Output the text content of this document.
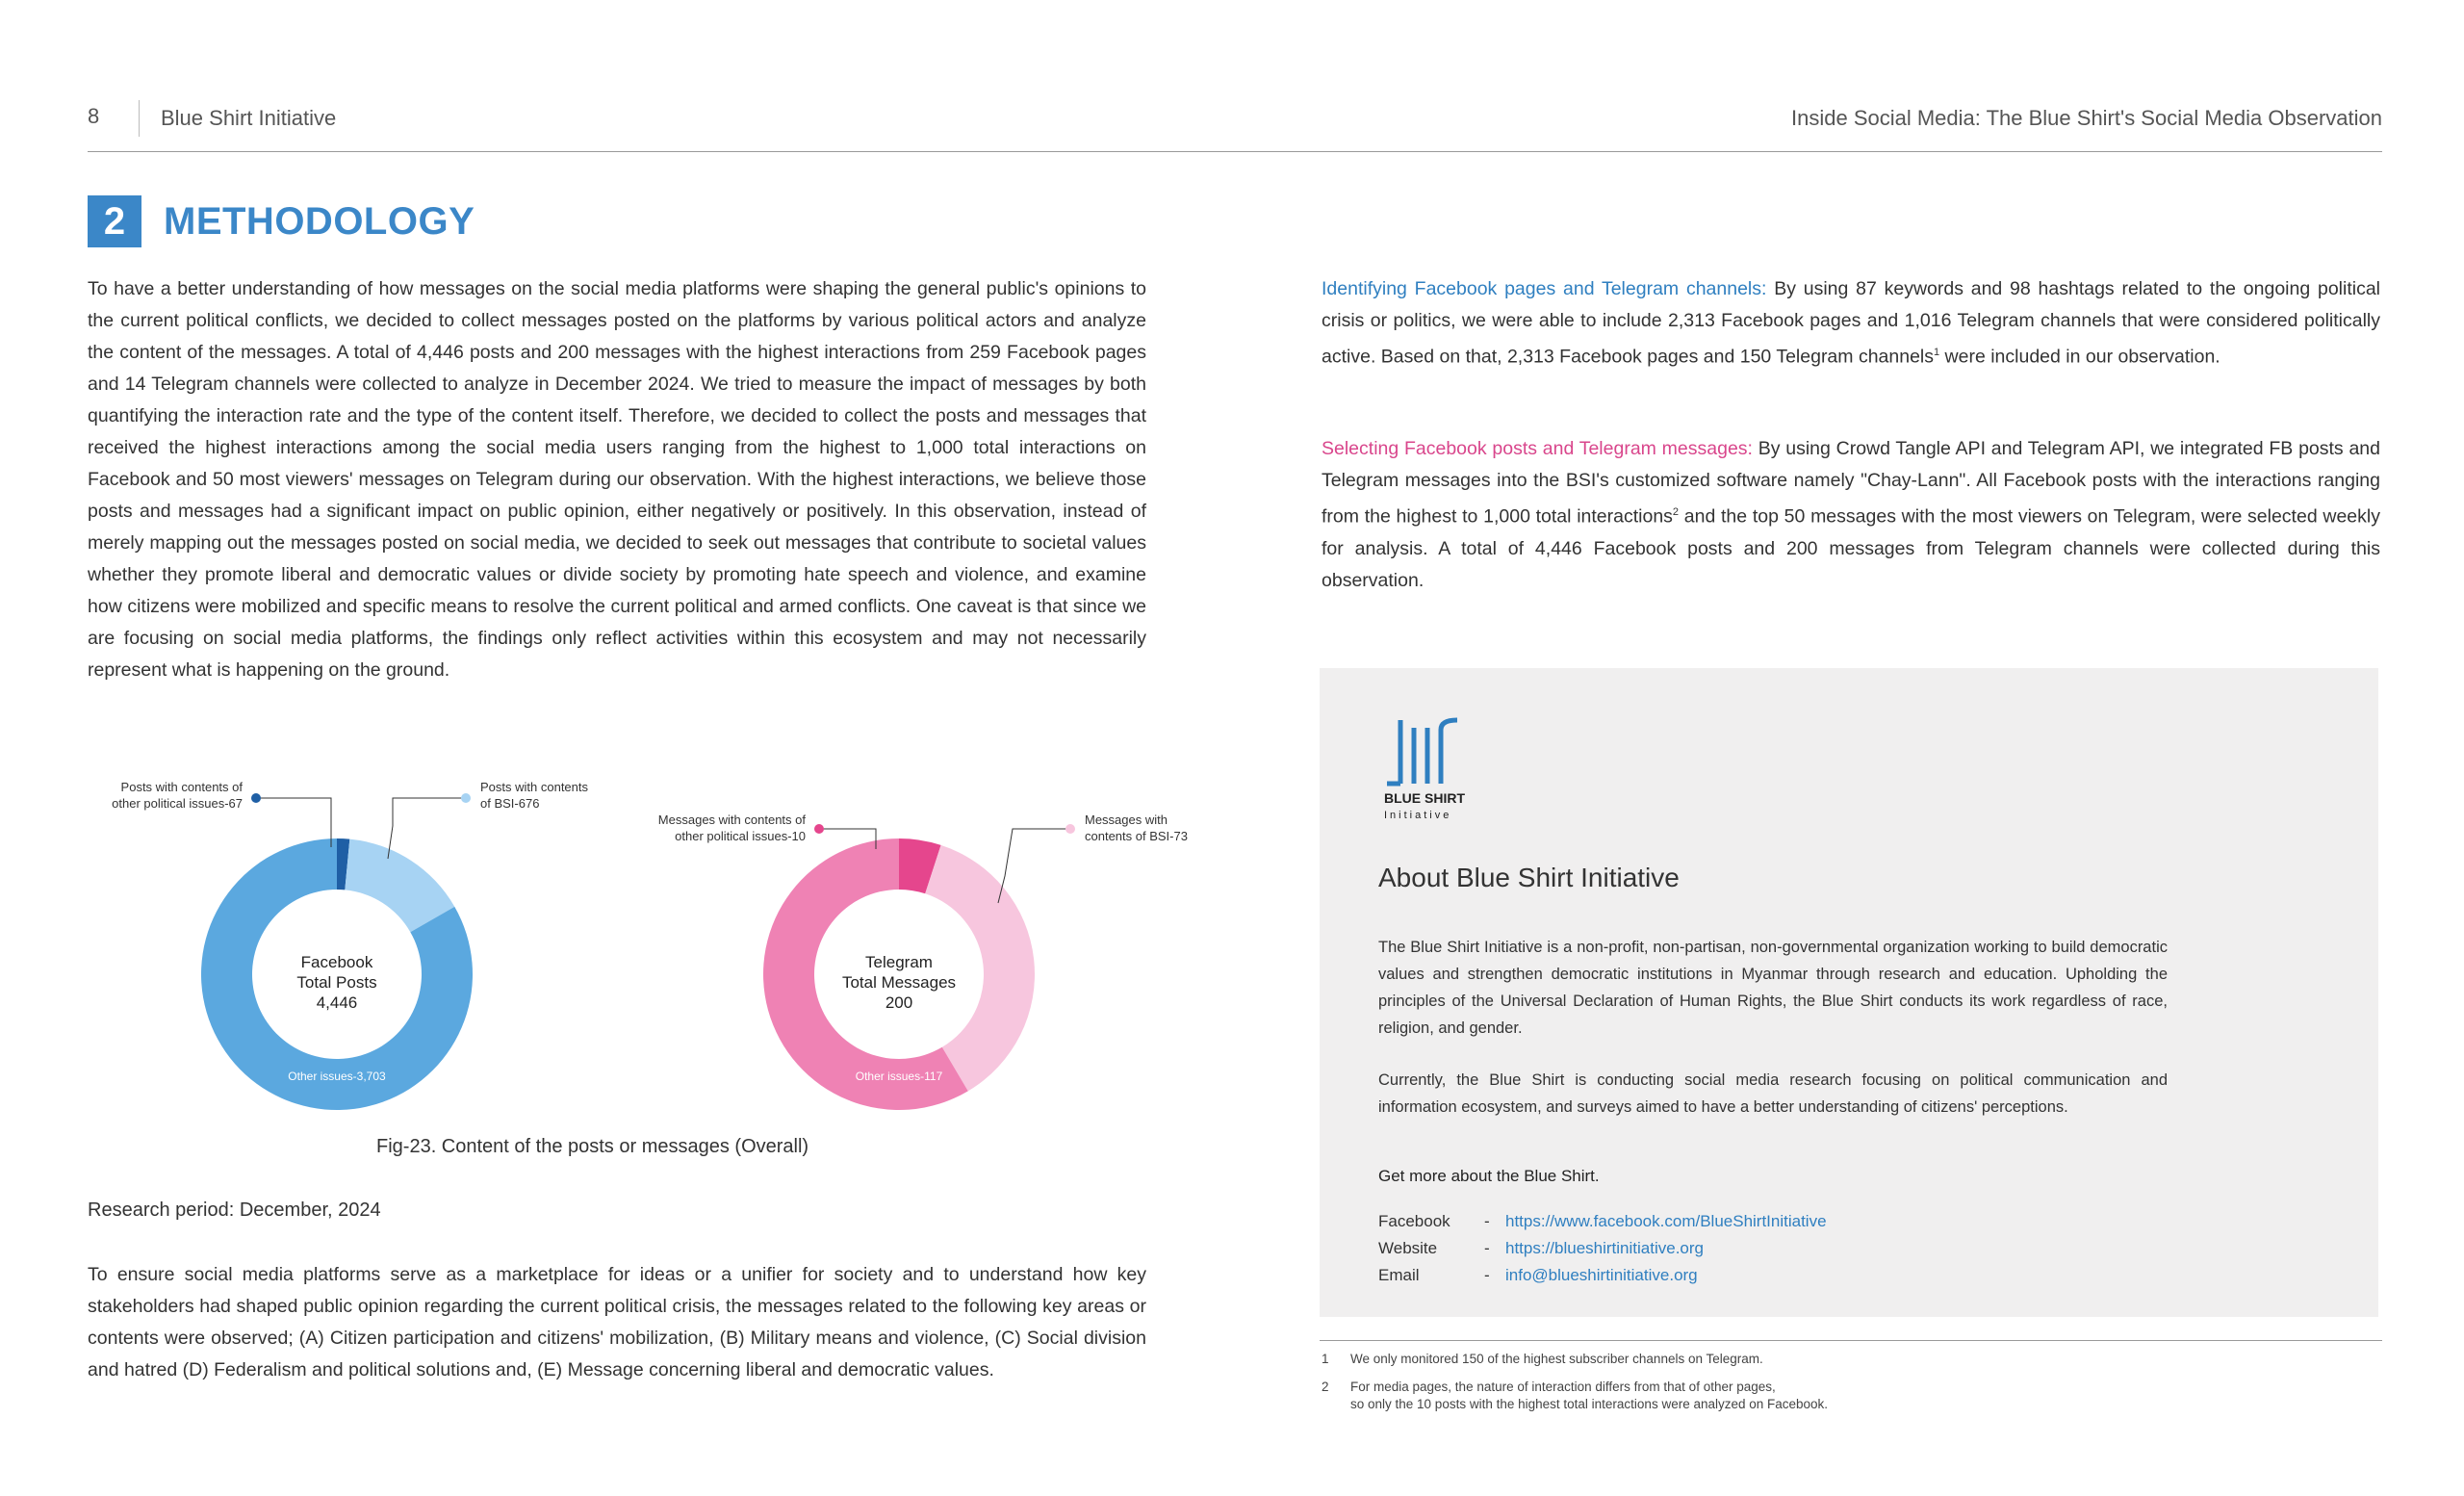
8	Blue Shirt Initiative	Inside Social Media: The Blue Shirt's Social Media Observation
2 METHODOLOGY
To have a better understanding of how messages on the social media platforms were shaping the general public's opinions to the current political conflicts, we decided to collect messages posted on the platforms by various political actors and analyze the content of the messages. A total of 4,446 posts and 200 messages with the highest interactions from 259 Facebook pages and 14 Telegram channels were collected to analyze in December 2024. We tried to measure the impact of messages by both quantifying the interaction rate and the type of the content itself. Therefore, we decided to collect the posts and messages that received the highest interactions among the social media users ranging from the highest to 1,000 total interactions on Facebook and 50 most viewers' messages on Telegram during our observation. With the highest interactions, we believe those posts and messages had a significant impact on public opinion, either negatively or positively. In this observation, instead of merely mapping out the messages posted on social media, we decided to seek out messages that contribute to societal values whether they promote liberal and democratic values or divide society by promoting hate speech and violence, and examine how citizens were mobilized and specific means to resolve the current political and armed conflicts. One caveat is that since we are focusing on social media platforms, the findings only reflect activities within this ecosystem and may not necessarily represent what is happening on the ground.
Identifying Facebook pages and Telegram channels: By using 87 keywords and 98 hashtags related to the ongoing political crisis or politics, we were able to include 2,313 Facebook pages and 1,016 Telegram channels that were considered politically active. Based on that, 2,313 Facebook pages and 150 Telegram channels$^1$ were included in our observation.
Selecting Facebook posts and Telegram messages: By using Crowd Tangle API and Telegram API, we integrated FB posts and Telegram messages into the BSI's customized software namely "Chay-Lann". All Facebook posts with the interactions ranging from the highest to 1,000 total interactions$^2$ and the top 50 messages with the most viewers on Telegram, were selected weekly for analysis. A total of 4,446 Facebook posts and 200 messages from Telegram channels were collected during this observation.
Posts with contents of
other political issues-67
Posts with contents
of BSI-676
Other issues-3,703
Facebook
Total Posts
4,446
Messages with contents of
other political issues-10
Messages with
contents of BSI-73
Other issues-117
Telegram
Total Messages
200
Fig-23. Content of the posts or messages (Overall)
Research period: December, 2024
To ensure social media platforms serve as a marketplace for ideas or a unifier for society and to understand how key stakeholders had shaped public opinion regarding the current political crisis, the messages related to the following key areas or contents were observed; (A) Citizen participation and citizens' mobilization, (B) Military means and violence, (C) Social division and hatred (D) Federalism and political solutions and, (E) Message concerning liberal and democratic values.
BLUE SHIRT
Initiative
About Blue Shirt Initiative
The Blue Shirt Initiative is a non-profit, non-partisan, non-governmental organization working to build democratic values and strengthen democratic institutions in Myanmar through research and education. Upholding the principles of the Universal Declaration of Human Rights, the Blue Shirt conducts its work regardless of race, religion, and gender.
Currently, the Blue Shirt is conducting social media research focusing on political communication and information ecosystem, and surveys aimed to have a better understanding of citizens' perceptions.
Get more about the Blue Shirt.
Facebook - https://www.facebook.com/BlueShirtInitiative
Website	- https://blueshirtinitiative.org
Email	- info@blueshirtinitiative.org
1 We only monitored 150 of the highest subscriber channels on Telegram.
2 For media pages, the nature of interaction differs from that of other pages,
so only the 10 posts with the highest total interactions were analyzed on Facebook.
